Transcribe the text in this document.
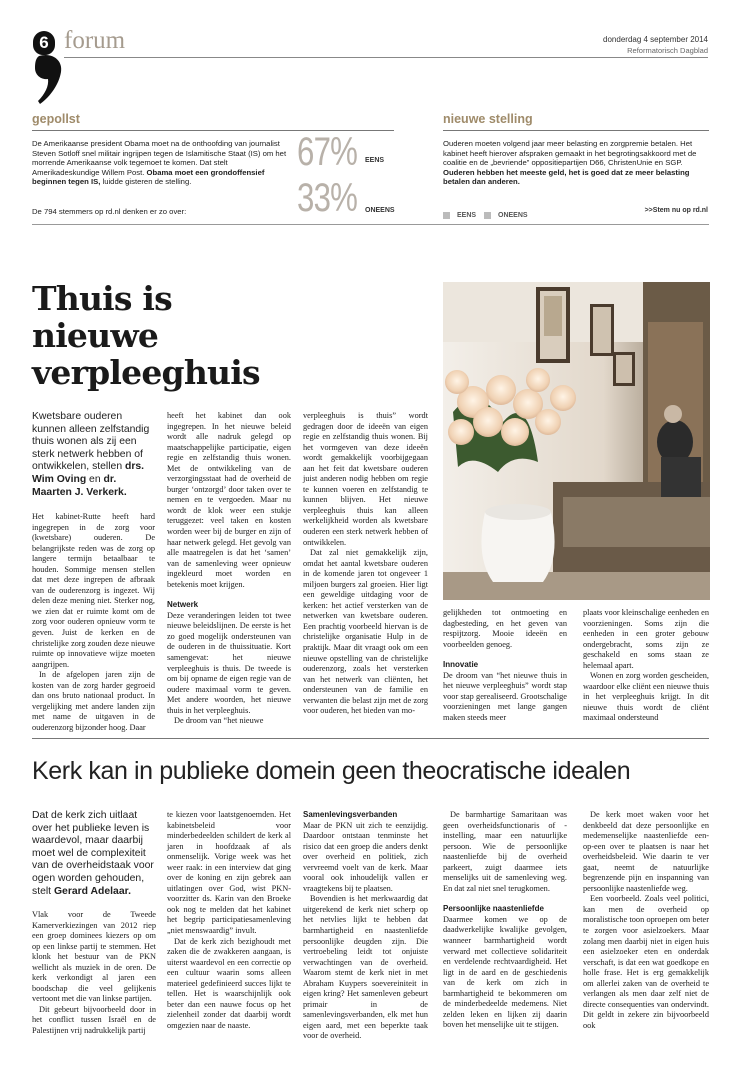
6 forum	donderdag 4 september 2014
Reformatorisch Dagblad
gepollst
De Amerikaanse president Obama moet na de onthoofding van journalist Steven Sotloff snel militair ingrijpen tegen de Islamitische Staat (IS) om het morrende Amerikaanse volk tegemoet te komen. Dat stelt Amerikadeskundige Willem Post. Obama moet een grondoffensief beginnen tegen IS, luidde gisteren de stelling.
De 794 stemmers op rd.nl denken er zo over:
67% EENS
33% ONEENS
nieuwe stelling
Ouderen moeten volgend jaar meer belasting en zorgpremie betalen. Het kabinet heeft hierover afspraken gemaakt in het begrotingsakkoord met de coalitie en de „bevriende” oppositiepartijen D66, ChristenUnie en SGP. Ouderen hebben het meeste geld, het is goed dat ze meer belasting betalen dan anderen.
EENS	ONEENS
>>Stem nu op rd.nl
Thuis is nieuwe verpleeghuis
Kwetsbare ouderen kunnen alleen zelfstandig thuis wonen als zij een sterk netwerk hebben of ontwikkelen, stellen drs. Wim Oving en dr. Maarten J. Verkerk.

Het kabinet-Rutte heeft hard ingegrepen in de zorg voor (kwetsbare) ouderen. De belangrijkste reden was de zorg op langere termijn betaalbaar te houden. Sommige mensen stellen dat met deze ingrepen de afbraak van de ouderenzorg is ingezet. Wij delen deze mening niet. Sterker nog, we zien dat er ruimte komt om de zorg voor ouderen opnieuw vorm te geven. Juist de kerken en de christelijke zorg zouden deze nieuwe ruimte op innovatieve wijze moeten aangrijpen.

In de afgelopen jaren zijn de kosten van de zorg harder gegroeid dan ons bruto nationaal product. In vergelijking met andere landen zijn met name de uitgaven in de ouderenzorg bijzonder hoog. Daar

heeft het kabinet dan ook ingegrepen. In het nieuwe beleid wordt alle nadruk gelegd op maatschappelijke participatie, eigen regie en zelfstandig thuis wonen. Met de ontwikkeling van de verzorgingsstaat had de overheid de burger ‘ontzorgd’ door taken over te nemen en te vergoeden. Maar nu wordt de klok weer een stukje teruggezet: veel taken en kosten worden weer bij de burger en zijn of haar netwerk gelegd. Het gevolg van alle maatregelen is dat het ‘samen’ van de samenleving weer opnieuw ingekleurd moet worden en betekenis moet krijgen.

Netwerk

Deze veranderingen leiden tot twee nieuwe beleidslijnen. De eerste is het zo goed mogelijk ondersteunen van de ouderen in de thuissituatie. Kort samengevat: het nieuwe verpleeghuis is thuis. De tweede is om bij opname de eigen regie van de oudere maximaal vorm te geven. Met andere woorden, het nieuwe thuis in het verpleeghuis.

De droom van “het nieuwe

verpleeghuis is thuis” wordt gedragen door de ideeën van eigen regie en zelfstandig thuis wonen. Bij het vormgeven van deze ideeën wordt gemakkelijk voorbijgegaan aan het feit dat kwetsbare ouderen juist anderen nodig hebben om regie te kunnen voeren en zelfstandig te kunnen blijven. Het nieuwe verpleeghuis thuis kan alleen werkelijkheid worden als kwetsbare ouderen een sterk netwerk hebben of ontwikkelen.

Dat zal niet gemakkelijk zijn, omdat het aantal kwetsbare ouderen in de komende jaren tot ongeveer 1 miljoen burgers zal groeien. Hier ligt een geweldige uitdaging voor de kerken: het actief versterken van de netwerken van kwetsbare ouderen. Een prachtig voorbeeld hiervan is de christelijke organisatie Hulp in de praktijk. Maar dit vraagt ook om een nieuwe opstelling van de christelijke ouderenzorg, zoals het versterken van het netwerk van cliënten, het ondersteunen van de familie en verwanten die belast zijn met de zorg voor ouderen, het bieden van mo-

gelijkheden tot ontmoeting en dagbesteding, en het geven van respijtzorg. Mooie ideeën en voorbeelden genoeg.

Innovatie

De droom van “het nieuwe thuis in het nieuwe verpleeghuis” wordt stap voor stap gerealiseerd. Grootschalige voorzieningen met lange gangen maken steeds meer

plaats voor kleinschalige eenheden en voorzieningen. Soms zijn die eenheden in een groter gebouw ondergebracht, soms zijn ze geschakeld en soms staan ze helemaal apart.

Wonen en zorg worden gescheiden, waardoor elke cliënt een nieuwe thuis in het verpleeghuis krijgt. In dit nieuwe thuis wordt de cliënt maximaal ondersteund

Kerk kan in publieke domein geen theocratische idealen
Dat de kerk zich uitlaat over het publieke leven is waardevol, maar daarbij moet wel de complexiteit van de overheidstaak voor ogen worden gehouden, stelt Gerard Adelaar.

Vlak voor de Tweede Kamerverkiezingen van 2012 riep een groep dominees kiezers op om op een linkse partij te stemmen. Het klonk het bestuur van de PKN wellicht als muziek in de oren. De kerk verkondigt al jaren een boodschap die veel gelijkenis vertoont met die van linkse partijen.

Dit gebeurt bijvoorbeeld door in het conflict tussen Israël en de Palestijnen vrij nadrukkelijk partij

te kiezen voor laatstgenoemden. Het kabinetsbeleid voor minderbedeelden schildert de kerk al jaren in hoofdzaak af als onmenselijk. Vorige week was het weer raak: in een interview dat ging over de koning en zijn gebrek aan uitlatingen over God, wist PKN-voorzitter ds. Karin van den Broeke ook nog te melden dat het kabinet het begrip participatiesamenleving „niet menswaardig” invult.

Dat de kerk zich bezighoudt met zaken die de zwakkeren aangaan, is uiterst waardevol en een correctie op een cultuur waarin soms alleen materieel gedefinieerd succes lijkt te tellen. Het is waarschijnlijk ook beter dan een nauwe focus op het zielenheil zonder dat daarbij wordt omgezien naar de naaste.

Samenlevingsverbanden

Maar de PKN uit zich te eenzijdig. Daardoor ontstaan tenminste het risico dat een groep die anders denkt over overheid en politiek, zich vervreemd voelt van de kerk. Maar vooral ook inhoudelijk vallen er vraagtekens bij te plaatsen.

Bovendien is het merkwaardig dat uitgerekend de kerk niet scherp op het netvlies lijkt te hebben dat barmhartigheid en naastenliefde persoonlijke deugden zijn. Die vertroebeling leidt tot onjuiste verwachtingen van de overheid. Waarom stemt de kerk niet in met Abraham Kuypers soevereiniteit in eigen kring? Het samenleven gebeurt primair in de samenlevingsverbanden, elk met hun eigen aard, met een beperkte taak voor de overheid.

De barmhartige Samaritaan was geen overheidsfunctionaris of -instelling, maar een natuurlijke persoon. Wie de persoonlijke naastenliefde bij de overheid parkeert, zuigt daarmee iets menselijks uit de samenleving weg. En dat zal niet snel terugkomen.

Persoonlijke naastenliefde

Daarmee komen we op de daadwerkelijke kwalijke gevolgen, wanneer barmhartigheid wordt verward met collectieve solidariteit en verdelende rechtvaardigheid. Het ligt in de aard en de geschiedenis van de kerk om zich in barmhartigheid te bekommeren om de minderbedeelde medemens. Niet zelden leken en lijken zij daarin boven het menselijke uit te stijgen.

De kerk moet waken voor het denkbeeld dat deze persoonlijke en medemenselijke naastenliefde een-op-een over te plaatsen is naar het overheidsbeleid. Wie daarin te ver gaat, neemt de natuurlijke begrenzende pijn en inspanning van persoonlijke naastenliefde weg.

Een voorbeeld. Zoals veel politici, kan men de overheid op moralistische toon oproepen om beter te zorgen voor asielzoekers. Maar zolang men daarbij niet in eigen huis een asielzoeker eten en onderdak verschaft, is dat een wat goedkope en holle frase. Het is erg gemakkelijk om allerlei zaken van de overheid te verlangen als men daar zelf niet de directe consequenties van ondervindt. Dit geldt in zekere zin bijvoorbeeld ook
